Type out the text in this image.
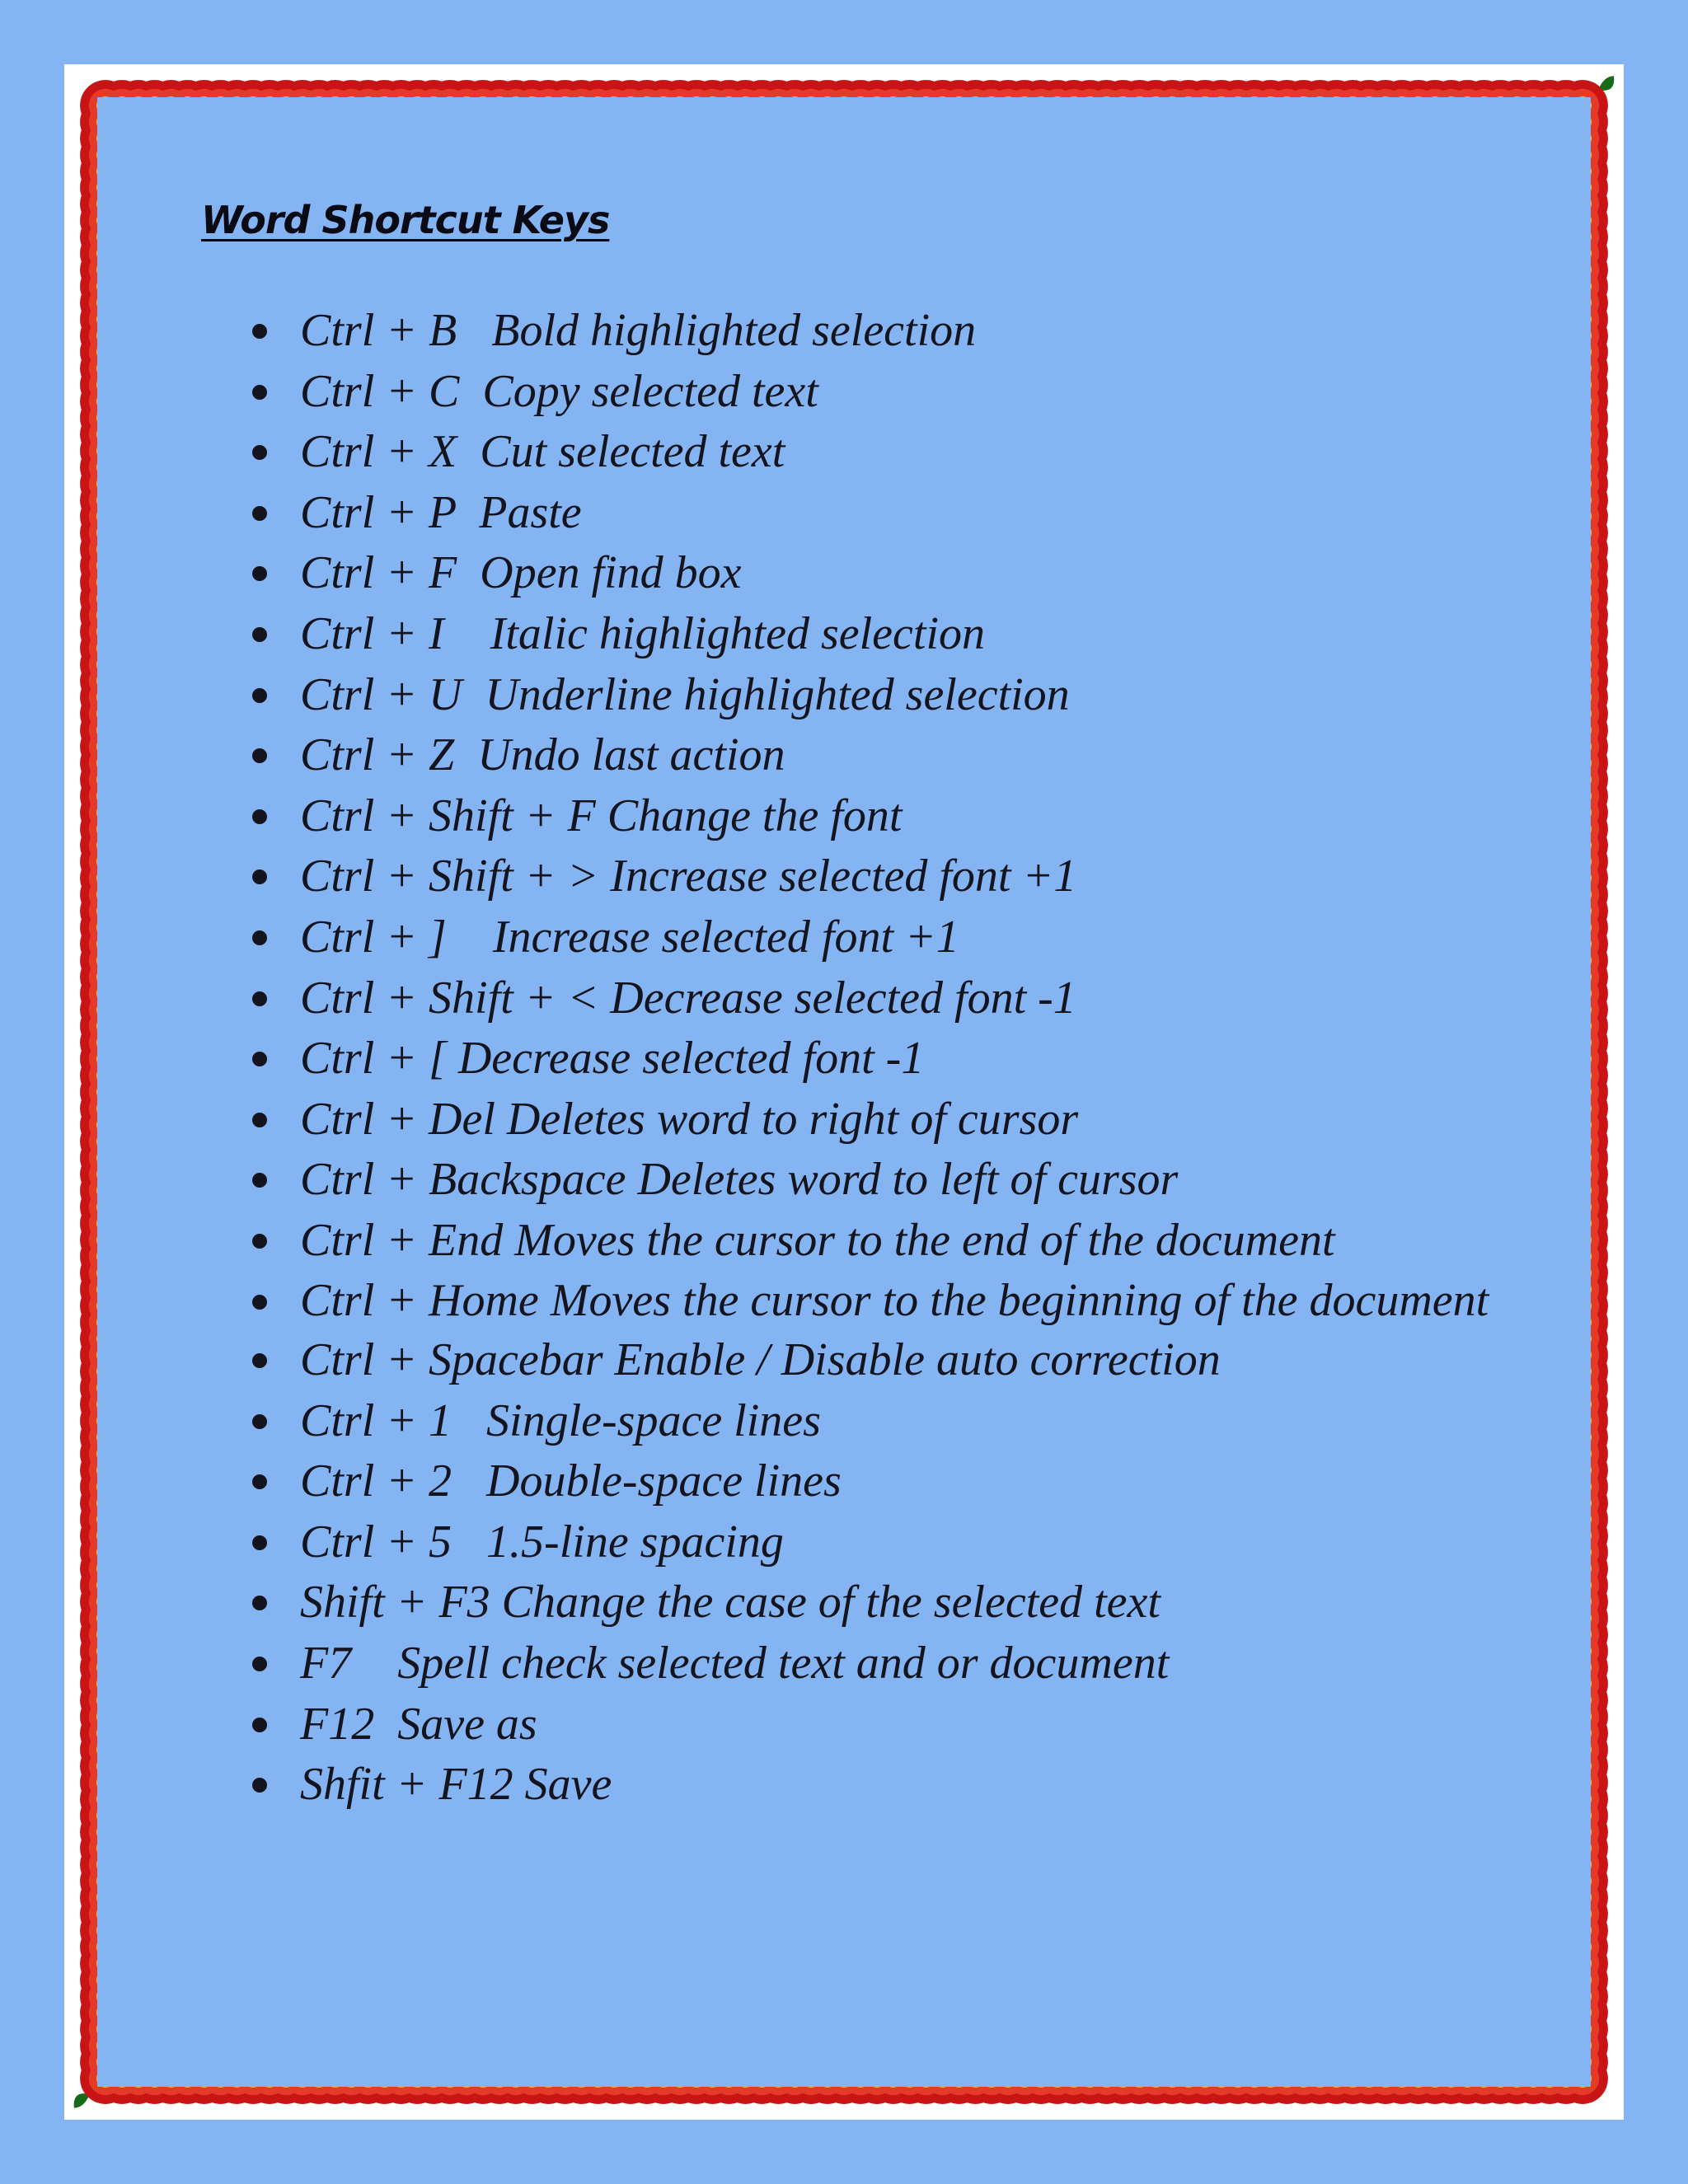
Word Shortcut Keys
Ctrl + B   Bold highlighted selection
Ctrl + C  Copy selected text
Ctrl + X  Cut selected text
Ctrl + P  Paste
Ctrl + F  Open find box
Ctrl + I    Italic highlighted selection
Ctrl + U  Underline highlighted selection
Ctrl + Z  Undo last action
Ctrl + Shift + F Change the font
Ctrl + Shift + > Increase selected font +1
Ctrl + ]    Increase selected font +1
Ctrl + Shift + < Decrease selected font -1
Ctrl + [ Decrease selected font -1
Ctrl + Del Deletes word to right of cursor
Ctrl + Backspace Deletes word to left of cursor
Ctrl + End Moves the cursor to the end of the document
Ctrl + Home Moves the cursor to the beginning of the document
Ctrl + Spacebar Enable / Disable auto correction
Ctrl + 1   Single-space lines
Ctrl + 2   Double-space lines
Ctrl + 5   1.5-line spacing
Shift + F3 Change the case of the selected text
F7    Spell check selected text and or document
F12  Save as
Shfit + F12 Save
